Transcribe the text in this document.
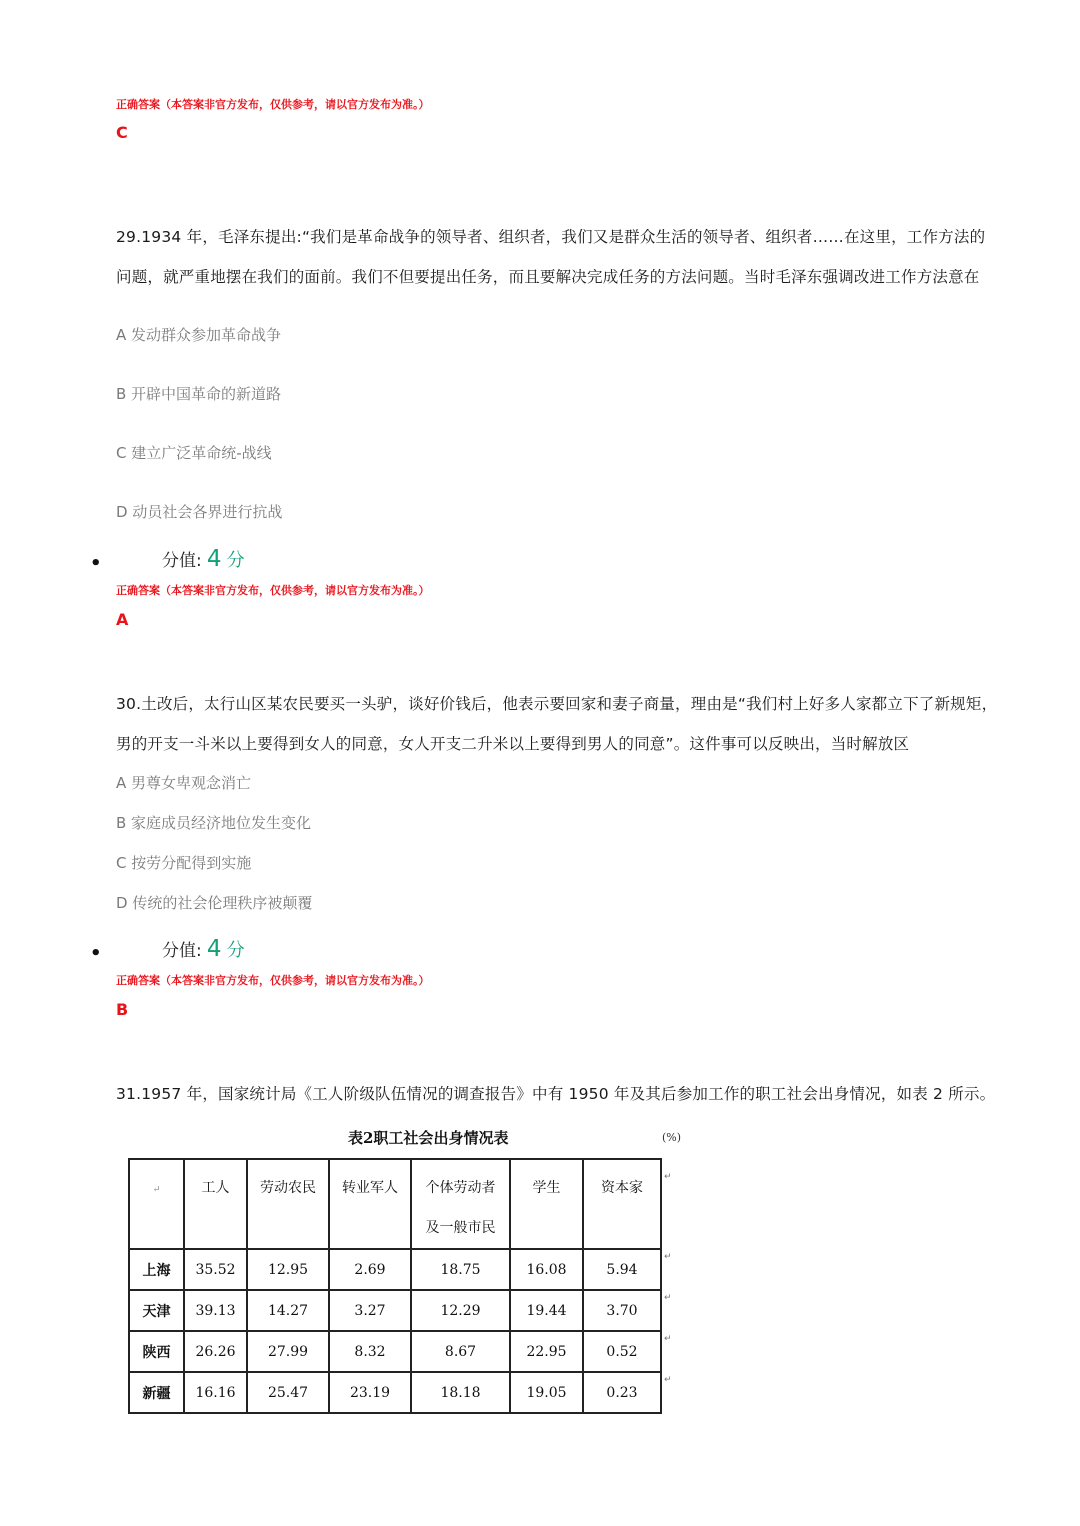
正确答案（本答案非官方发布，仅供参考，请以官方发布为准。）
C
29.1934 年，毛泽东提出:“我们是革命战争的领导者、组织者，我们又是群众生活的领导者、组织者……在这里，工作方法的
问题，就严重地摆在我们的面前。我们不但要提出任务，而且要解决完成任务的方法问题。当时毛泽东强调改进工作方法意在
A 发动群众参加革命战争
B 开辟中国革命的新道路
C 建立广泛革命统-战线
D 动员社会各界进行抗战
•	分值: 4 分
正确答案（本答案非官方发布，仅供参考，请以官方发布为准。）
A
30.土改后，太行山区某农民要买一头驴，谈好价钱后，他表示要回家和妻子商量，理由是“我们村上好多人家都立下了新规矩，
男的开支一斗米以上要得到女人的同意，女人开支二升米以上要得到男人的同意”。这件事可以反映出，当时解放区
A 男尊女卑观念消亡
B 家庭成员经济地位发生变化
C 按劳分配得到实施
D 传统的社会伦理秩序被颠覆
•	分值: 4 分
正确答案（本答案非官方发布，仅供参考，请以官方发布为准。）
B
31.1957 年，国家统计局《工人阶级队伍情况的调查报告》中有 1950 年及其后参加工作的职工社会出身情况，如表 2 所示。
表2职工社会出身情况表	(%)
↵	工人	劳动农民	转业军人	个体劳动者
及一般市民	学生	资本家
上海	35.52	12.95	2.69	18.75	16.08	5.94
天津	39.13	14.27	3.27	12.29	19.44	3.70
陕西	26.26	27.99	8.32	8.67	22.95	0.52
新疆	16.16	25.47	23.19	18.18	19.05	0.23
↵
↵
↵
↵
↵
